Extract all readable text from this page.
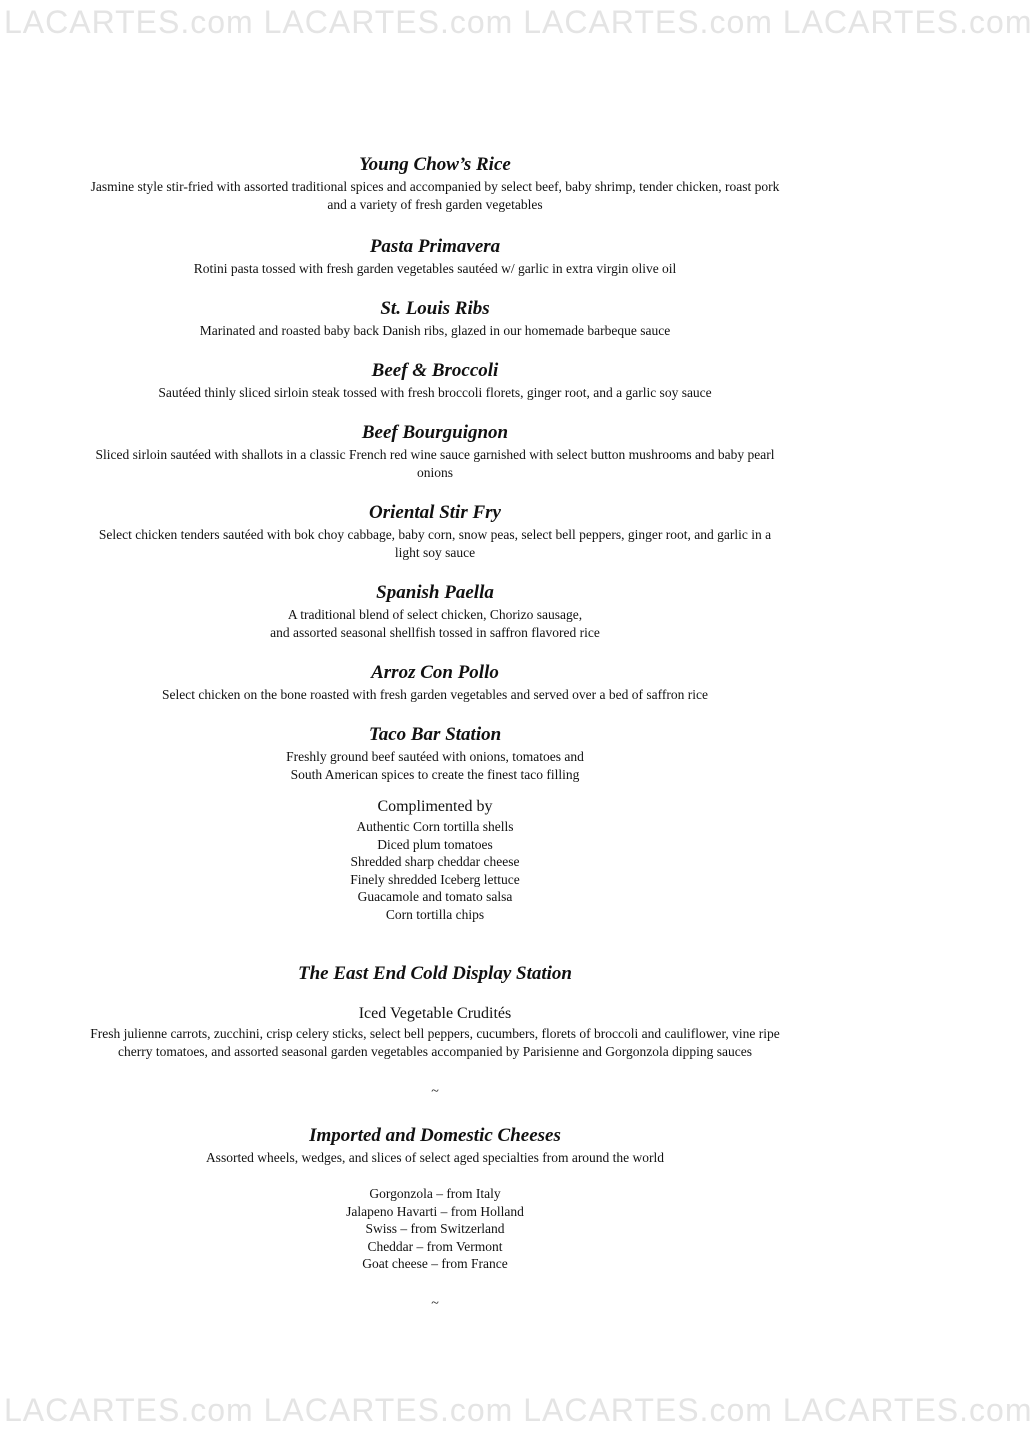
LACARTES.com LACARTES.com LACARTES.com LACARTES.com
Young Chow’s Rice

Jasmine style stir-fried with assorted traditional spices and accompanied by select beef, baby shrimp, tender chicken, roast pork and a variety of fresh garden vegetables

Pasta Primavera

Rotini pasta tossed with fresh garden vegetables sautéed w/ garlic in extra virgin olive oil

St. Louis Ribs

Marinated and roasted baby back Danish ribs, glazed in our homemade barbeque sauce

Beef & Broccoli

Sautéed thinly sliced sirloin steak tossed with fresh broccoli florets, ginger root, and a garlic soy sauce

Beef Bourguignon

Sliced sirloin sautéed with shallots in a classic French red wine sauce garnished with select button mushrooms and baby pearl onions

Oriental Stir Fry

Select chicken tenders sautéed with bok choy cabbage, baby corn, snow peas, select bell peppers, ginger root, and garlic in a light soy sauce

Spanish Paella

A traditional blend of select chicken, Chorizo sausage,

and assorted seasonal shellfish tossed in saffron flavored rice

Arroz Con Pollo

Select chicken on the bone roasted with fresh garden vegetables and served over a bed of saffron rice

Taco Bar Station

Freshly ground beef sautéed with onions, tomatoes and

South American spices to create the finest taco filling

Complimented by
Authentic Corn tortilla shells
Diced plum tomatoes
Shredded sharp cheddar cheese
Finely shredded Iceberg lettuce
Guacamole and tomato salsa
Corn tortilla chips
The East End Cold Display Station
Iced Vegetable Crudités

Fresh julienne carrots, zucchini, crisp celery sticks, select bell peppers, cucumbers, florets of broccoli and cauliflower, vine ripe cherry tomatoes, and assorted seasonal garden vegetables accompanied by Parisienne and Gorgonzola dipping sauces

~
Imported and Domestic Cheeses

Assorted wheels, wedges, and slices of select aged specialties from around the world

Gorgonzola – from Italy
Jalapeno Havarti – from Holland
Swiss – from Switzerland
Cheddar – from Vermont
Goat cheese – from France
~
LACARTES.com LACARTES.com LACARTES.com LACARTES.com
